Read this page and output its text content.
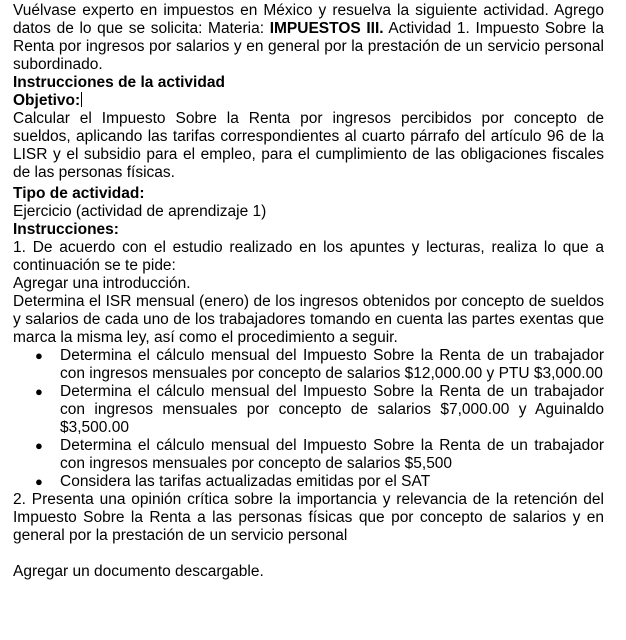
Vuélvase experto en impuestos en México y resuelva la siguiente actividad. Agrego datos de lo que se solicita: Materia: IMPUESTOS III. Actividad 1. Impuesto Sobre la Renta por ingresos por salarios y en general por la prestación de un servicio personal subordinado.

Instrucciones de la actividad

Objetivo:

Calcular el Impuesto Sobre la Renta por ingresos percibidos por concepto de sueldos, aplicando las tarifas correspondientes al cuarto párrafo del artículo 96 de la LISR y el subsidio para el empleo, para el cumplimiento de las obligaciones fiscales de las personas físicas.

Tipo de actividad:

Ejercicio (actividad de aprendizaje 1)

Instrucciones:

1. De acuerdo con el estudio realizado en los apuntes y lecturas, realiza lo que a continuación se te pide:

Agregar una introducción.

Determina el ISR mensual (enero) de los ingresos obtenidos por concepto de sueldos y salarios de cada uno de los trabajadores tomando en cuenta las partes exentas que marca la misma ley, así como el procedimiento a seguir.

● Determina el cálculo mensual del Impuesto Sobre la Renta de un trabajador con ingresos mensuales por concepto de salarios $12,000.00 y PTU $3,000.00
● Determina el cálculo mensual del Impuesto Sobre la Renta de un trabajador con ingresos mensuales por concepto de salarios $7,000.00 y Aguinaldo $3,500.00
● Determina el cálculo mensual del Impuesto Sobre la Renta de un trabajador con ingresos mensuales por concepto de salarios $5,500
● Considera las tarifas actualizadas emitidas por el SAT

2. Presenta una opinión crítica sobre la importancia y relevancia de la retención del Impuesto Sobre la Renta a las personas físicas que por concepto de salarios y en general por la prestación de un servicio personal

Agregar un documento descargable.
